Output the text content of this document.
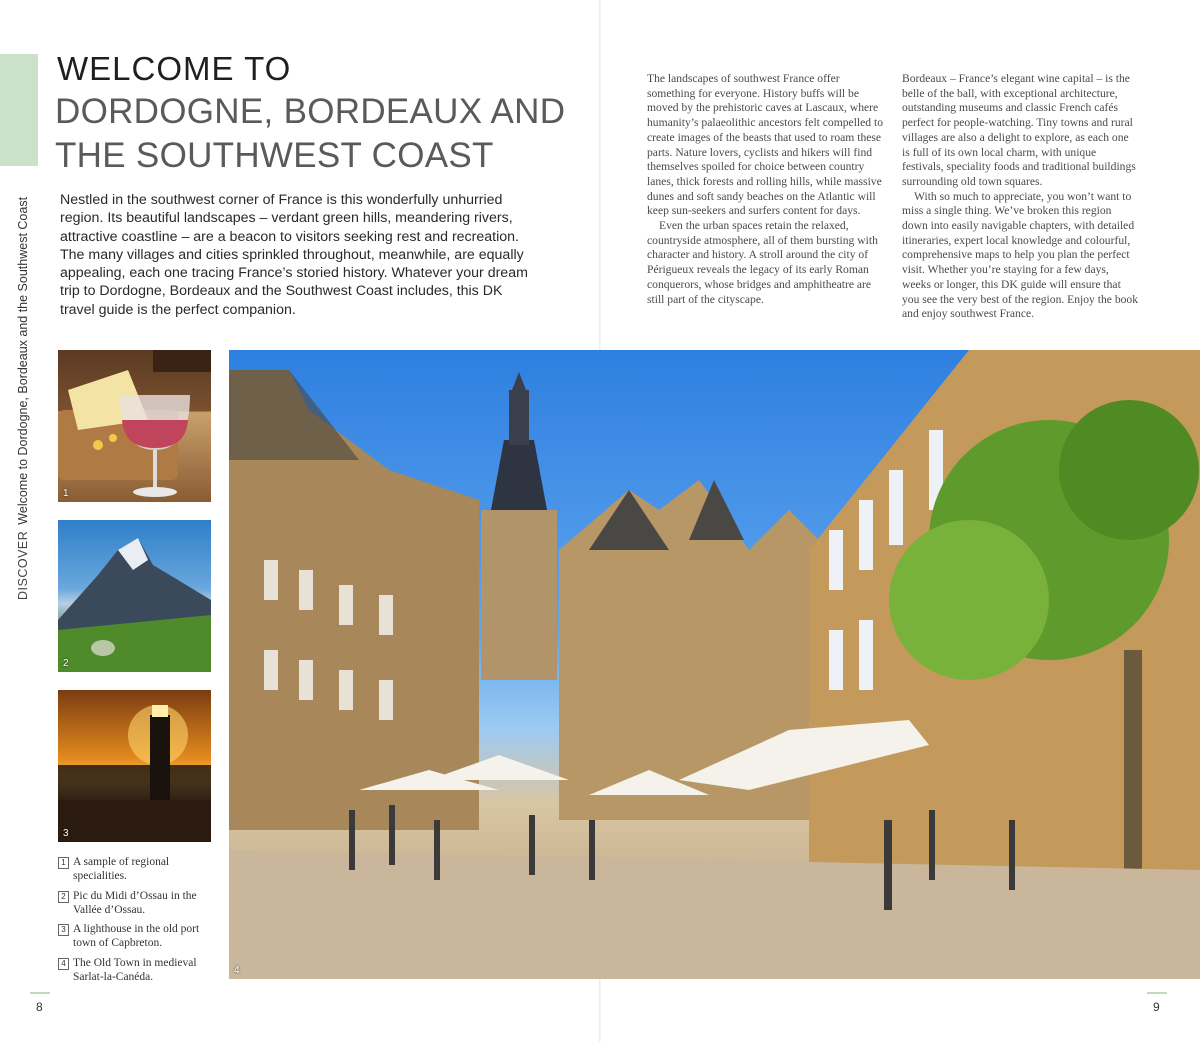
DISCOVERWelcome to Dordogne, Bordeaux and the Southwest Coast
WELCOME TO
DORDOGNE, BORDEAUX AND
THE SOUTHWEST COAST

Nestled in the southwest corner of France is this wonderfully unhurried region. Its beautiful landscapes – verdant green hills, meandering rivers, attractive coastline – are a beacon to visitors seeking rest and recreation. The many villages and cities sprinkled throughout, meanwhile, are equally appealing, each one tracing France’s storied history. Whatever your dream trip to Dordogne, Bordeaux and the Southwest Coast includes, this DK travel guide is the perfect companion.

The landscapes of southwest France offer something for everyone. History buffs will be moved by the prehistoric caves at Lascaux, where humanity’s palaeolithic ancestors felt compelled to create images of the beasts that used to roam these parts. Nature lovers, cyclists and hikers will find themselves spoiled for choice between country lanes, thick forests and rolling hills, while massive dunes and soft sandy beaches on the Atlantic will keep sun-seekers and surfers content for days.

Even the urban spaces retain the relaxed, countryside atmosphere, all of them bursting with character and history. A stroll around the city of Périgueux reveals the legacy of its early Roman conquerors, whose bridges and amphitheatre are still part of the cityscape.

Bordeaux – France’s elegant wine capital – is the belle of the ball, with exceptional architecture, outstanding museums and classic French cafés perfect for people-watching. Tiny towns and rural villages are also a delight to explore, as each one is full of its own local charm, with unique festivals, speciality foods and traditional buildings surrounding old town squares.

With so much to appreciate, you won’t want to miss a single thing. We’ve broken this region down into easily navigable chapters, with detailed itineraries, expert local knowledge and colourful, comprehensive maps to help you plan the perfect visit. Whether you’re staying for a few days, weeks or longer, this DK guide will ensure that you see the very best of the region. Enjoy the book and enjoy southwest France.

1
2
3
4
1 A sample of regional specialities.
2 Pic du Midi d’Ossau in the Vallée d’Ossau.
3 A lighthouse in the old port town of Capbreton.
4 The Old Town in medieval Sarlat-la-Canéda.
8	9
